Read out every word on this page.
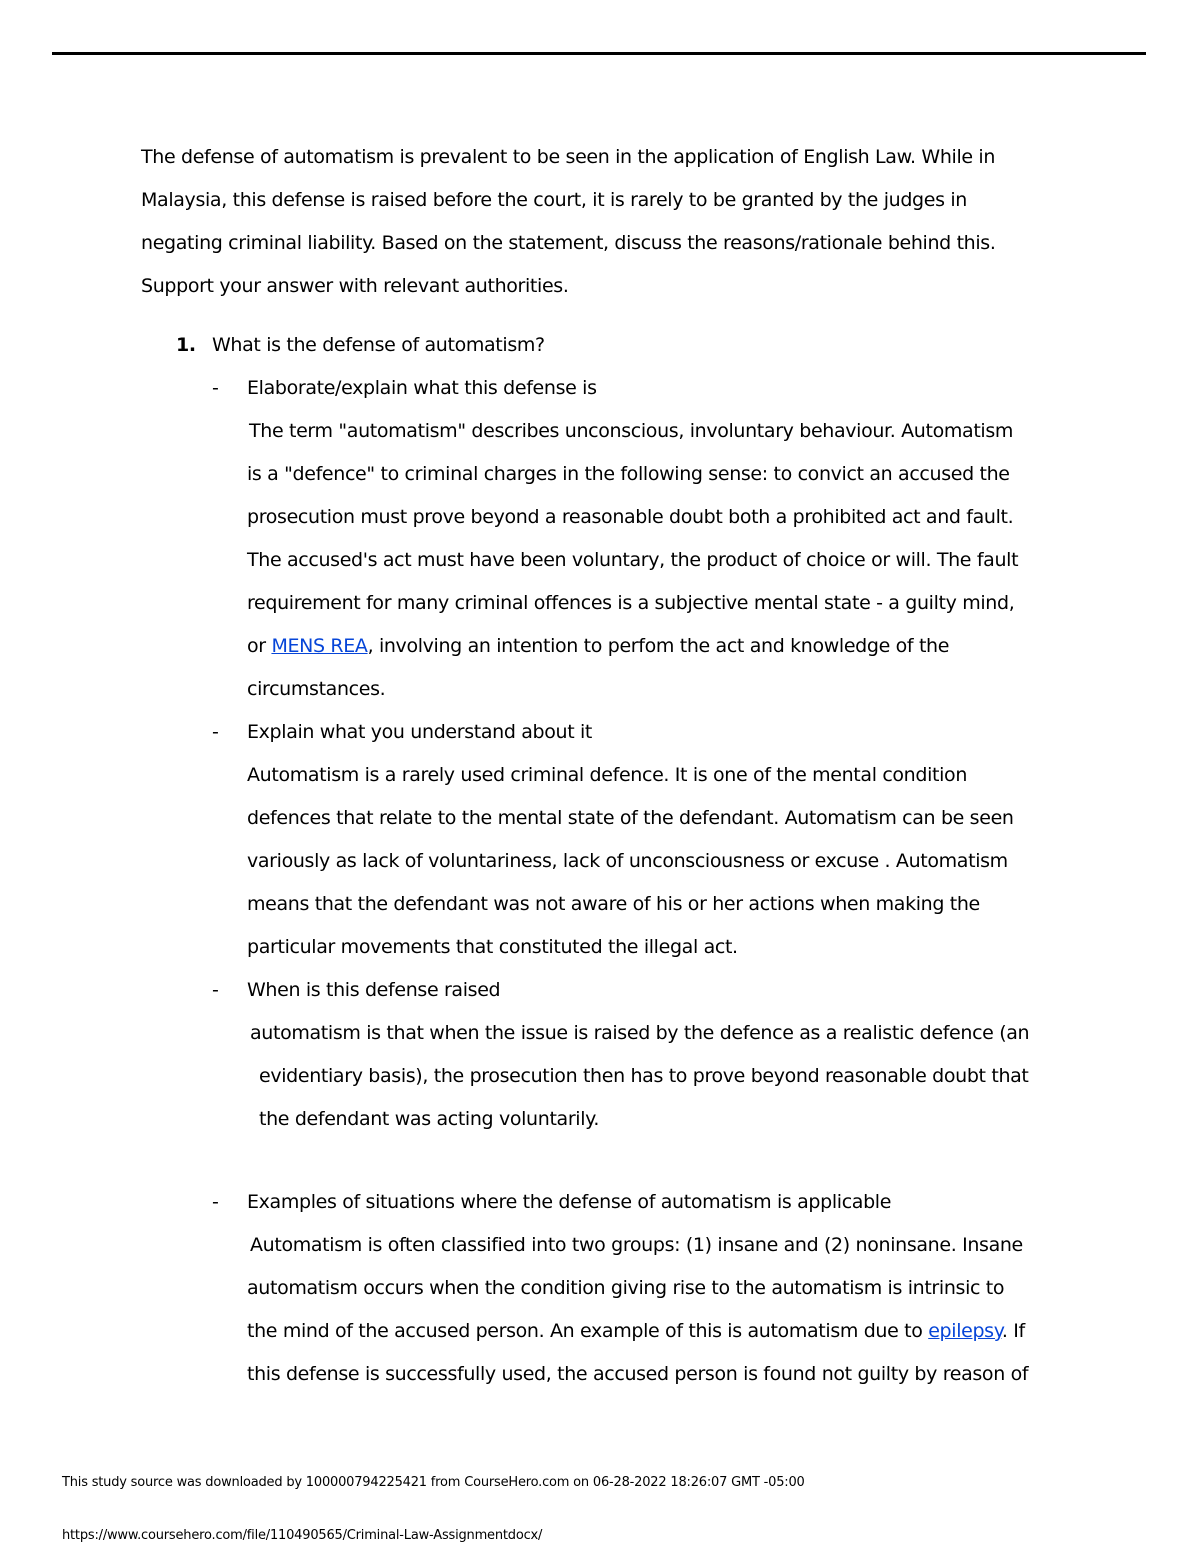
The defense of automatism is prevalent to be seen in the application of English Law. While in
Malaysia, this defense is raised before the court, it is rarely to be granted by the judges in
negating criminal liability. Based on the statement, discuss the reasons/rationale behind this.
Support your answer with relevant authorities.
1. What is the defense of automatism?
- Elaborate/explain what this defense is
The term "automatism" describes unconscious, involuntary behaviour. Automatism
is a "defence" to criminal charges in the following sense: to convict an accused the
prosecution must prove beyond a reasonable doubt both a prohibited act and fault.
The accused's act must have been voluntary, the product of choice or will. The fault
requirement for many criminal offences is a subjective mental state - a guilty mind,
or MENS REA, involving an intention to perfom the act and knowledge of the
circumstances.
- Explain what you understand about it
Automatism is a rarely used criminal defence. It is one of the mental condition
defences that relate to the mental state of the defendant. Automatism can be seen
variously as lack of voluntariness, lack of unconsciousness or excuse . Automatism
means that the defendant was not aware of his or her actions when making the
particular movements that constituted the illegal act.
- When is this defense raised
automatism is that when the issue is raised by the defence as a realistic defence (an
evidentiary basis), the prosecution then has to prove beyond reasonable doubt that
the defendant was acting voluntarily.
- Examples of situations where the defense of automatism is applicable
Automatism is often classified into two groups: (1) insane and (2) noninsane. Insane
automatism occurs when the condition giving rise to the automatism is intrinsic to
the mind of the accused person. An example of this is automatism due to epilepsy. If
this defense is successfully used, the accused person is found not guilty by reason of
This study source was downloaded by 100000794225421 from CourseHero.com on 06-28-2022 18:26:07 GMT -05:00
https://www.coursehero.com/file/110490565/Criminal-Law-Assignmentdocx/
